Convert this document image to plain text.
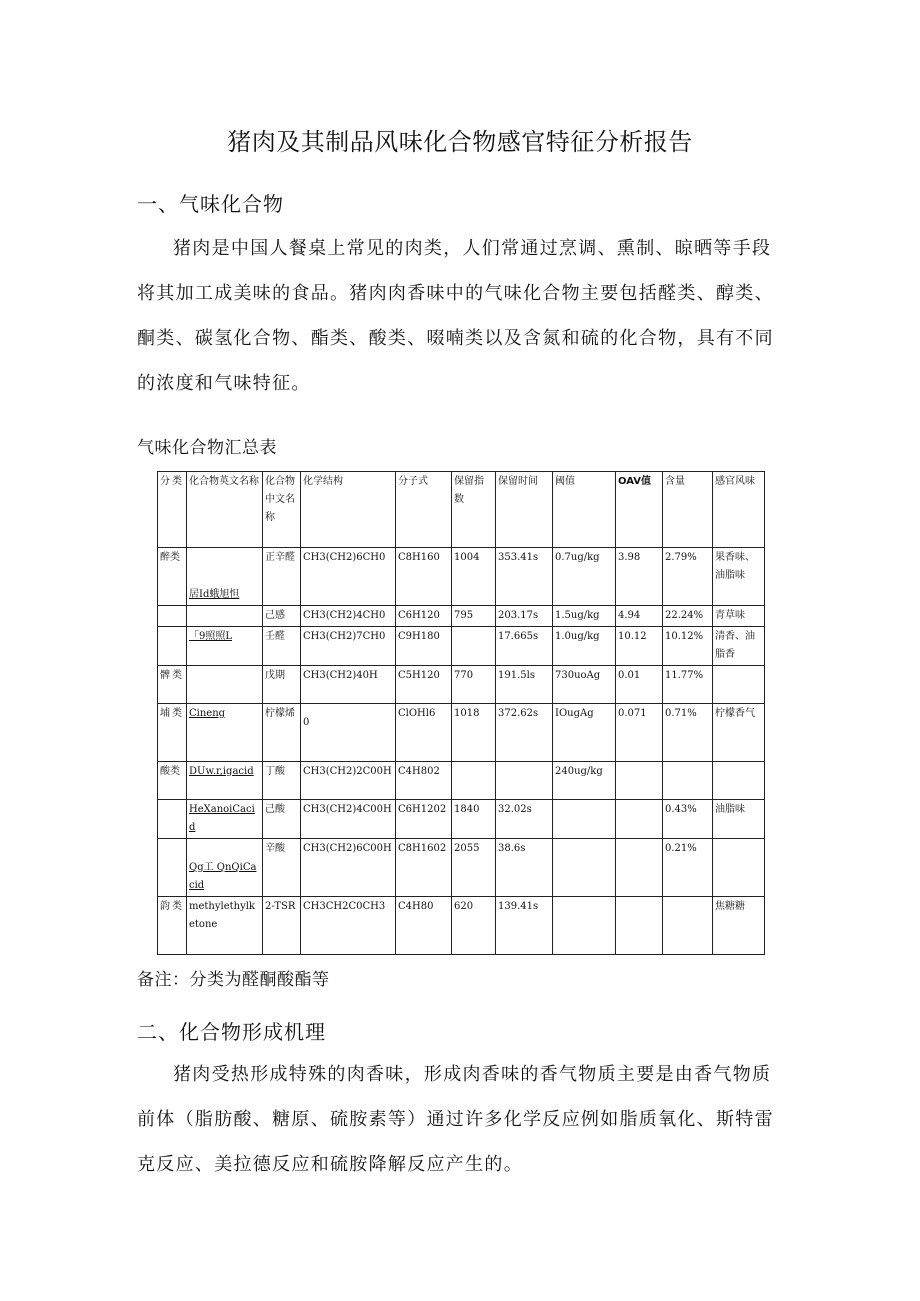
猪肉及其制品风味化合物感官特征分析报告
一、气味化合物

猪肉是中国人餐桌上常见的肉类，人们常通过烹调、熏制、晾晒等手段将其加工成美味的食品。猪肉肉香味中的气味化合物主要包括醛类、醇类、酮类、碳氢化合物、酯类、酸类、啜喃类以及含氮和硫的化合物，具有不同的浓度和气味特征。

气味化合物汇总表
分类	化合物英文名称	化合物中文名称	化学结构	分子式	保留指数	保留时间	阈值	OAV值	含量	感官风味
醉类	居Id蛾旭怛	正辛醛	CH3(CH2)6CH0	C8H160	1004	353.41s	0.7ug/kg	3.98	2.79%	果香味、油脂味
		己感	CH3(CH2)4CH0	C6H120	795	203.17s	1.5ug/kg	4.94	22.24%	青草味
	「9照照L	壬醛	CH3(CH2)7CH0	C9H180		17.665s	1.0ug/kg	10.12	10.12%	清香、油脂香
髀类		戊期	CH3(CH2)40H	C5H120	770	191.5ls	730uoAg	0.01	11.77%	
埔类	Cineng	柠檬烯	0	ClOHl6	1018	372.62s	IOugAg	0.071	0.71%	柠檬香气
酸类	DUw.r,igacid	丁酸	CH3(CH2)2C00H	C4H802			240ug/kg			
	HeXanoiCacid	己酸	CH3(CH2)4C00H	C6H1202	1840	32.02s			0.43%	油脂味
	Qg工 QnQiCacid	辛酸	CH3(CH2)6C00H	C8H1602	2055	38.6s			0.21%	
韵类	methylethylketone	2-TSR	CH3CH2C0CH3	C4H80	620	139.41s				焦糖糖
备注：分类为醛酮酸酯等
二、化合物形成机理

猪肉受热形成特殊的肉香味，形成肉香味的香气物质主要是由香气物质前体（脂肪酸、糖原、硫胺素等）通过许多化学反应例如脂质氧化、斯特雷克反应、美拉德反应和硫胺降解反应产生的。
